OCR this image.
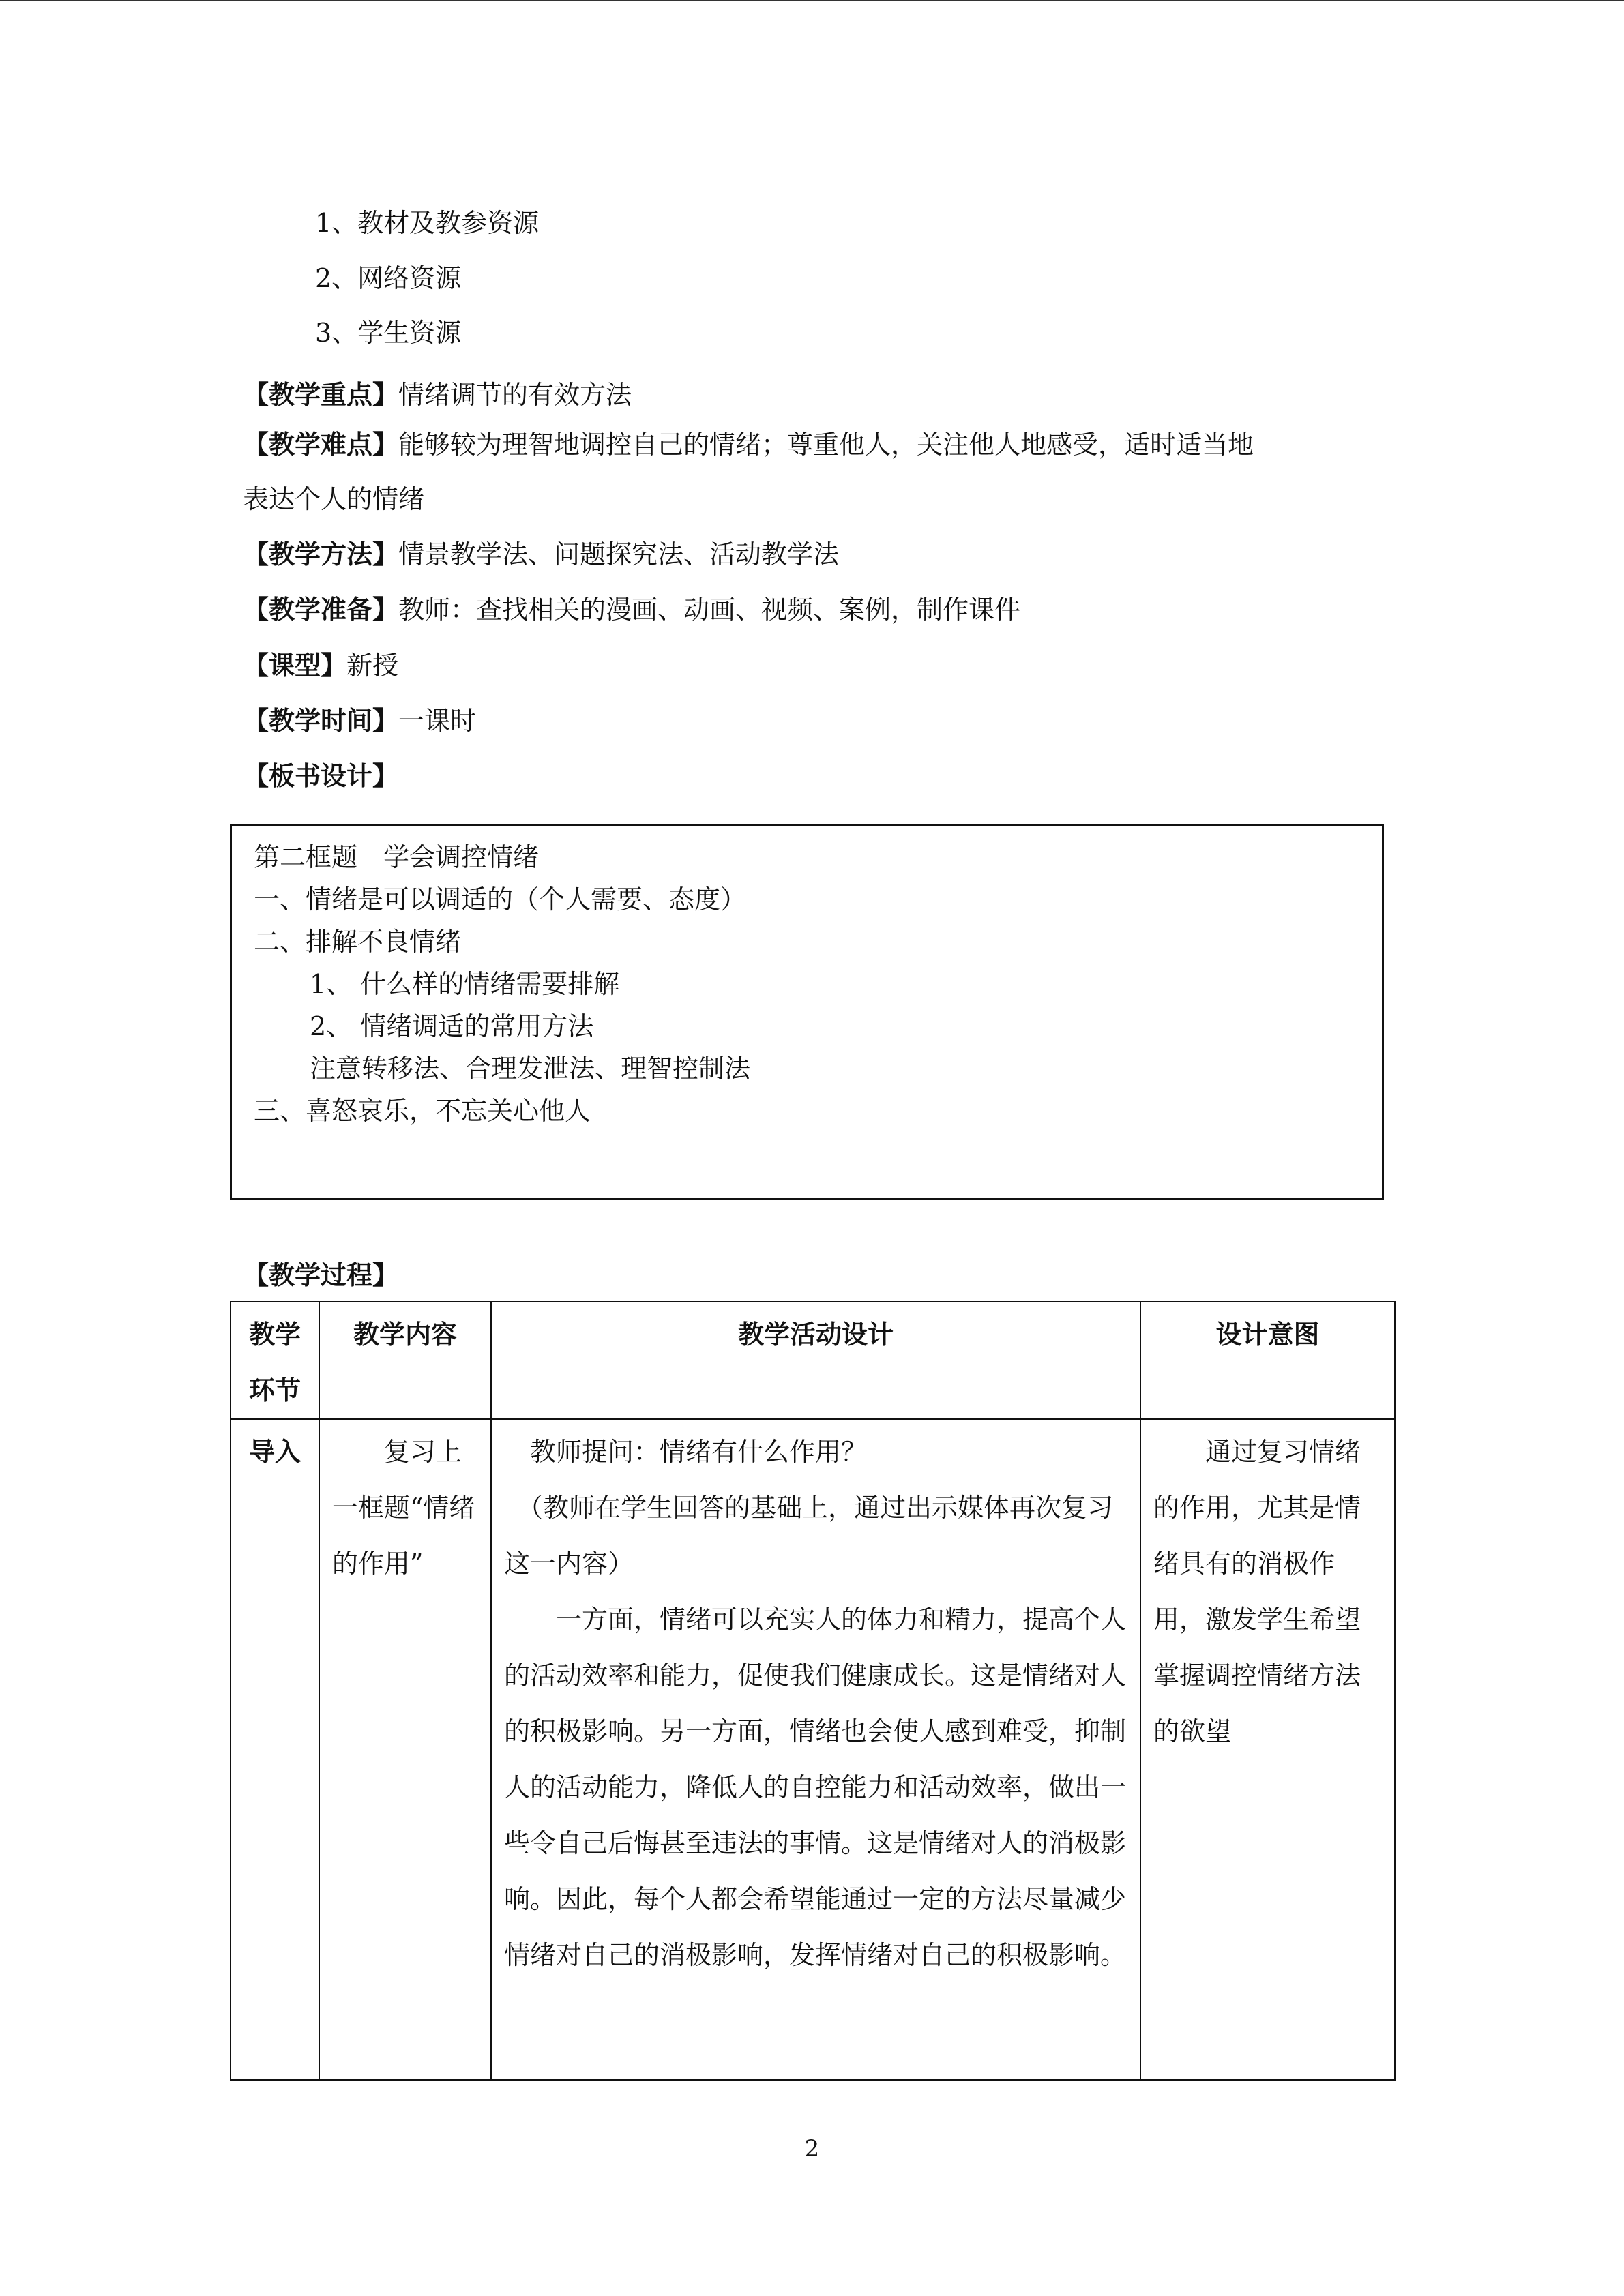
1、教材及教参资源
2、网络资源
3、学生资源
【教学重点】情绪调节的有效方法
【教学难点】能够较为理智地调控自己的情绪；尊重他人，关注他人地感受，适时适当地
表达个人的情绪
【教学方法】情景教学法、问题探究法、活动教学法
【教学准备】教师：查找相关的漫画、动画、视频、案例，制作课件
【课型】新授
【教学时间】一课时
【板书设计】
第二框题　学会调控情绪
一、情绪是可以调适的（个人需要、态度）
二、排解不良情绪
1、 什么样的情绪需要排解
2、 情绪调适的常用方法
注意转移法、合理发泄法、理智控制法
三、喜怒哀乐，不忘关心他人
【教学过程】
教学环节	教学内容	教学活动设计	设计意图

导入	复习上一框题“情绪的作用”	教师提问：情绪有什么作用？

（教师在学生回答的基础上，通过出示媒体再次复习这一内容）

一方面，情绪可以充实人的体力和精力，提高个人的活动效率和能力，促使我们健康成长。这是情绪对人的积极影响。另一方面，情绪也会使人感到难受，抑制人的活动能力，降低人的自控能力和活动效率，做出一些令自己后悔甚至违法的事情。这是情绪对人的消极影响。因此，每个人都会希望能通过一定的方法尽量减少情绪对自己的消极影响，发挥情绪对自己的积极影响。	通过复习情绪的作用，尤其是情绪具有的消极作用，激发学生希望掌握调控情绪方法的欲望
2
